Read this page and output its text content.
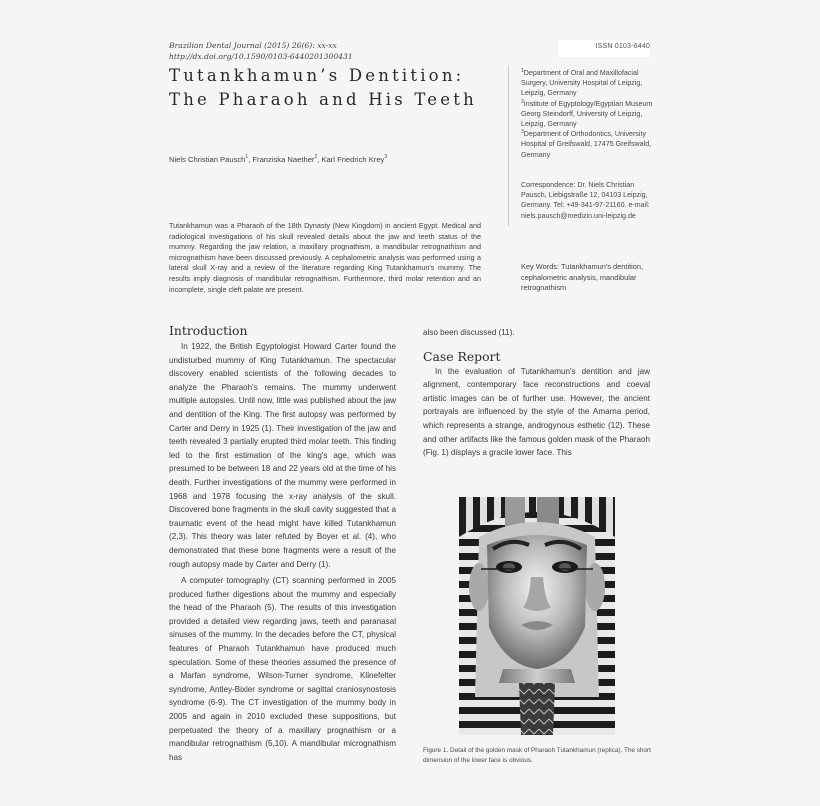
Brazilian Dental Journal (2015) 26(6): xx-xx
http://dx.doi.org/10.1590/0103-6440201300431
ISSN 0103-6440
Tutankhamun’s Dentition:
The Pharaoh and His Teeth
$^1$Department of Oral and Maxillofacial Surgery, University Hospital of Leipzig, Leipzig, Germany
$^2$Institute of Egyptology/Egyptian Museum Georg Steindorff, University of Leipzig, Leipzig, Germany
$^3$Department of Orthodontics, University Hospital of Greifswald, 17475 Greifswald, Germany
Niels Christian Pausch$^1$, Franziska Naether$^2$, Karl Friedrich Krey$^3$
Correspondence: Dr. Niels Christian Pausch, Liebigstraße 12, 04103 Leipzig, Germany. Tel: +49-341-97-21160. e-mail: niels.pausch@medizin.uni-leipzig.de
Tutankhamun was a Pharaoh of the 18th Dynasty (New Kingdom) in ancient Egypt. Medical and radiological investigations of his skull revealed details about the jaw and teeth status of the mummy. Regarding the jaw relation, a maxillary prognathism, a mandibular retrognathism and micrognathism have been discussed previously. A cephalometric analysis was performed using a lateral skull X-ray and a review of the literature regarding King Tutankhamun's mummy. The results imply diagnosis of mandibular retrognathism. Furthermore, third molar retention and an incomplete, single cleft palate are present.
Key Words: Tutankhamun's dentition, cephalometric analysis, mandibular retrognathism
Introduction

In 1922, the British Egyptologist Howard Carter found the undisturbed mummy of King Tutankhamun. The spectacular discovery enabled scientists of the following decades to analyze the Pharaoh's remains. The mummy underwent multiple autopsies. Until now, little was published about the jaw and dentition of the King. The first autopsy was performed by Carter and Derry in 1925 (1). Their investigation of the jaw and teeth revealed 3 partially erupted third molar teeth. This finding led to the first estimation of the king's age, which was presumed to be between 18 and 22 years old at the time of his death. Further investigations of the mummy were performed in 1968 and 1978 focusing the x-ray analysis of the skull. Discovered bone fragments in the skull cavity suggested that a traumatic event of the head might have killed Tutankhamun (2,3). This theory was later refuted by Boyer et al. (4), who demonstrated that these bone fragments were a result of the rough autopsy made by Carter and Derry (1).

A computer tomography (CT) scanning performed in 2005 produced further digestions about the mummy and especially the head of the Pharaoh (5). The results of this investigation provided a detailed view regarding jaws, teeth and paranasal sinuses of the mummy. In the decades before the CT, physical features of Pharaoh Tutankhamun have produced much speculation. Some of these theories assumed the presence of a Marfan syndrome, Wilson-Turner syndrome, Klinefelter syndrome, Antley-Bixler syndrome or sagittal craniosynostosis syndrome (6-9). The CT investigation of the mummy body in 2005 and again in 2010 excluded these suppositions, but perpetuated the theory of a maxillary prognathism or a mandibular retrognathism (5,10). A mandibular micrognathism has

also been discussed (11).

Case Report

In the evaluation of Tutankhamun's dentition and jaw alignment, contemporary face reconstructions and coeval artistic images can be of further use. However, the ancient portrayals are influenced by the style of the Amarna period, which represents a strange, androgynous esthetic (12). These and other artifacts like the famous golden mask of the Pharaoh (Fig. 1) displays a gracile lower face. This

Figure 1. Detail of the golden mask of Pharaoh Tutankhamun (replica). The short dimension of the lower face is obvious.
